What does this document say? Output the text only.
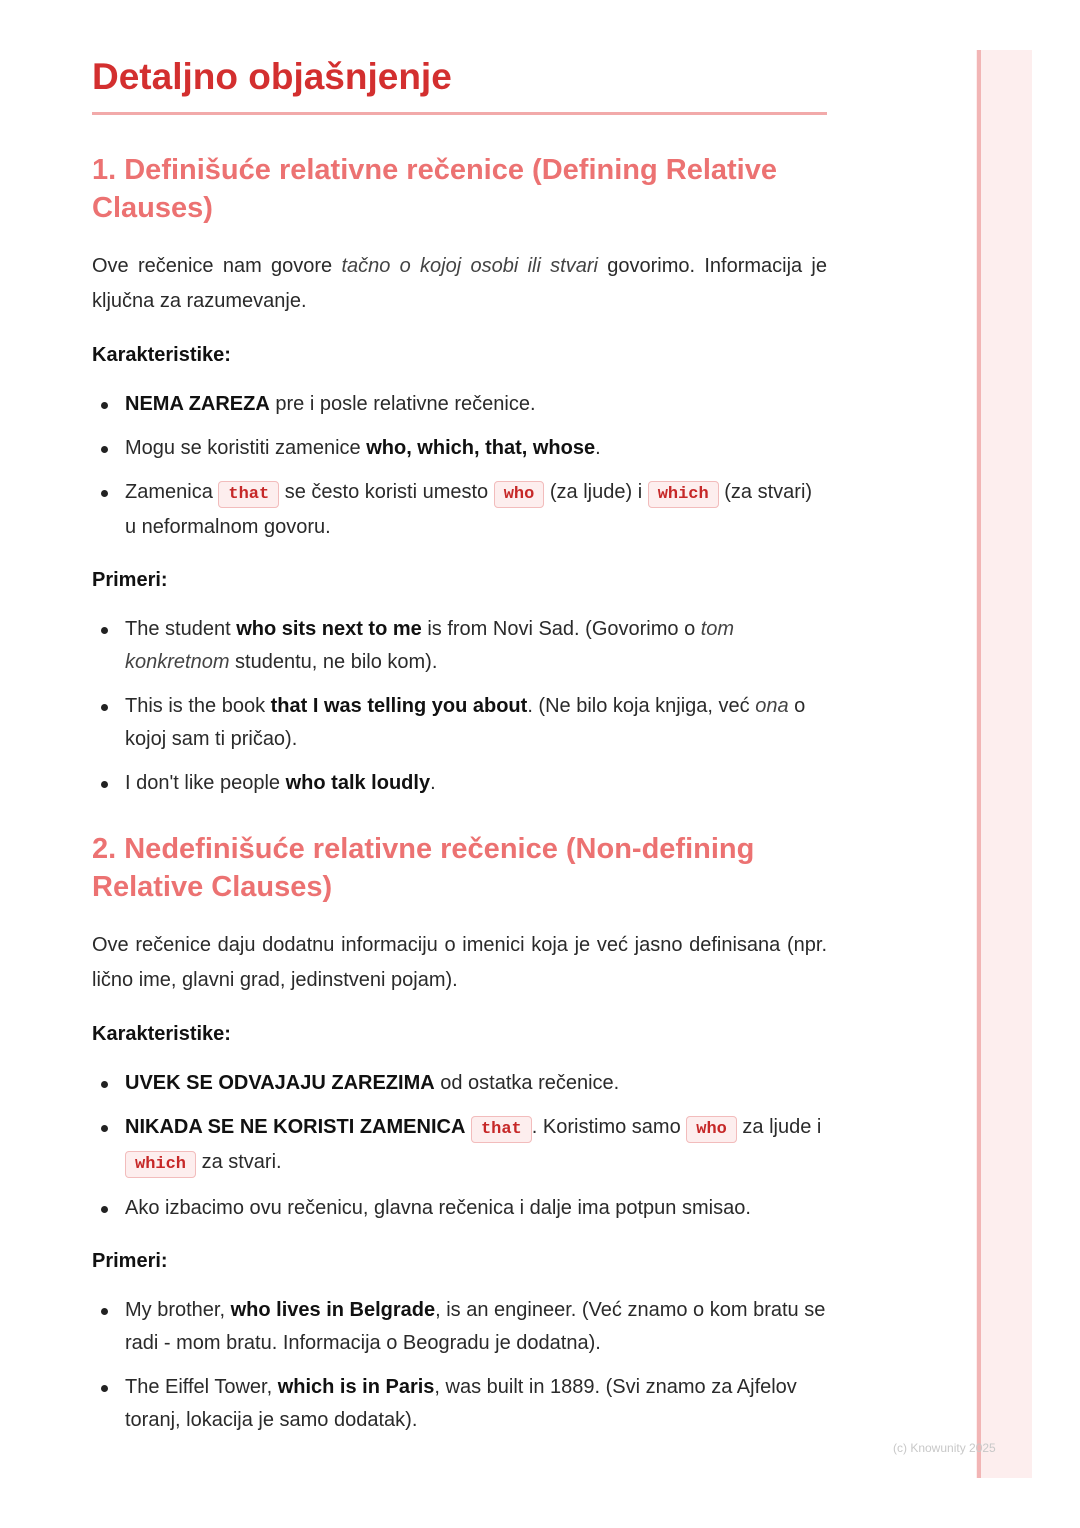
Detaljno objašnjenje
1. Definišuće relativne rečenice (Defining Relative Clauses)

Ove rečenice nam govore tačno o kojoj osobi ili stvari govorimo. Informacija je ključna za razumevanje.

Karakteristike:
NEMA ZAREZA pre i posle relativne rečenice.
Mogu se koristiti zamenice who, which, that, whose.
Zamenica that se često koristi umesto who (za ljude) i which (za stvari) u neformalnom govoru.
Primeri:
The student who sits next to me is from Novi Sad. (Govorimo o tom konkretnom studentu, ne bilo kom).
This is the book that I was telling you about. (Ne bilo koja knjiga, već ona o kojoj sam ti pričao).
I don't like people who talk loudly.
2. Nedefinišuće relativne rečenice (Non-defining Relative Clauses)

Ove rečenice daju dodatnu informaciju o imenici koja je već jasno definisana (npr. lično ime, glavni grad, jedinstveni pojam).

Karakteristike:
UVEK SE ODVAJAJU ZAREZIMA od ostatka rečenice.
NIKADA SE NE KORISTI ZAMENICA that . Koristimo samo who za ljude i which za stvari.
Ako izbacimo ovu rečenicu, glavna rečenica i dalje ima potpun smisao.
Primeri:
My brother, who lives in Belgrade, is an engineer. (Već znamo o kom bratu se radi - mom bratu. Informacija o Beogradu je dodatna).
The Eiffel Tower, which is in Paris, was built in 1889. (Svi znamo za Ajfelov toranj, lokacija je samo dodatak).
(c) Knowunity 2025
